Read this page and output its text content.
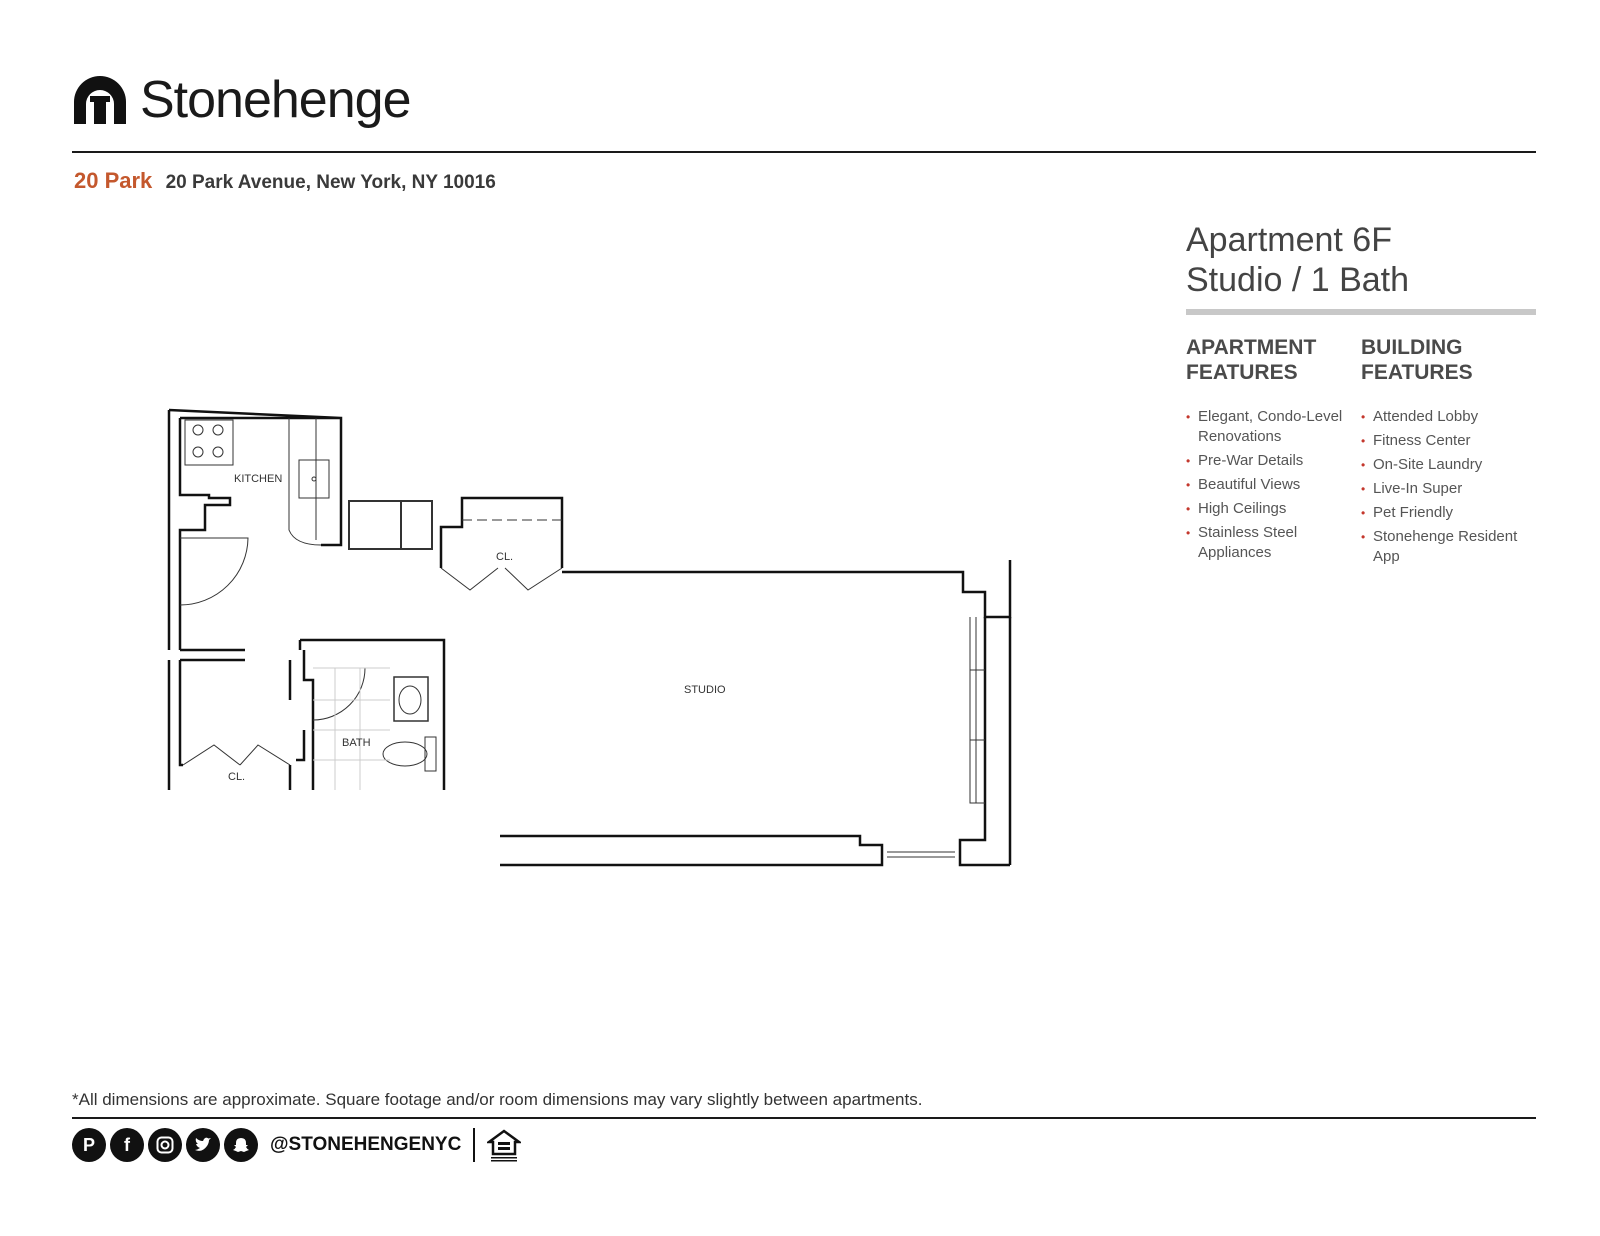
Stonehenge
20 Park 20 Park Avenue, New York, NY 10016
Apartment 6F
Studio / 1 Bath
APARTMENT
FEATURES
• Elegant, Condo-Level Renovations
• Pre-War Details
• Beautiful Views
• High Ceilings
• Stainless Steel Appliances
BUILDING
FEATURES
• Attended Lobby
• Fitness Center
• On-Site Laundry
• Live-In Super
• Pet Friendly
• Stonehenge Resident App
KITCHEN
CL.
STUDIO
BATH
CL.
*All dimensions are approximate. Square footage and/or room dimensions may vary slightly between apartments.
P	f	@STONEHENGENYC
